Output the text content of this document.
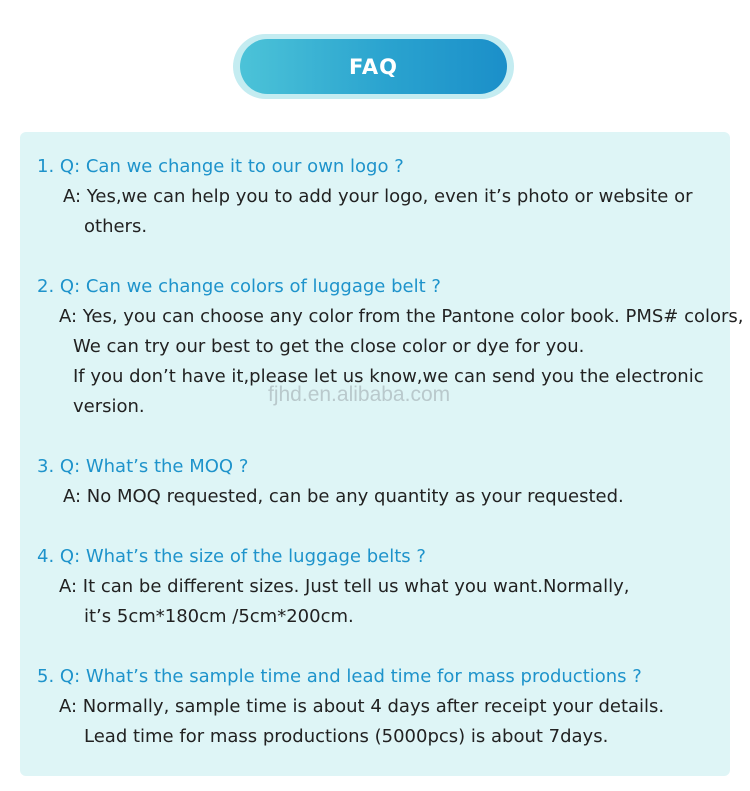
FAQ
1. Q: Can we change it to our own logo ?
A: Yes,we can help you to add your logo, even it’s photo or website or
others.
2. Q: Can we change colors of luggage belt ?
A: Yes, you can choose any color from the Pantone color book. PMS# colors,
We can try our best to get the close color or dye for you.
If you don’t have it,please let us know,we can send you the electronic
version.
3. Q: What’s the MOQ ?
A: No MOQ requested, can be any quantity as your requested.
4. Q: What’s the size of the luggage belts ?
A: It can be different sizes. Just tell us what you want.Normally,
it’s 5cm*180cm /5cm*200cm.
5. Q: What’s the sample time and lead time for mass productions ?
A: Normally, sample time is about 4 days after receipt your details.
Lead time for mass productions (5000pcs) is about 7days.
fjhd.en.alibaba.com
